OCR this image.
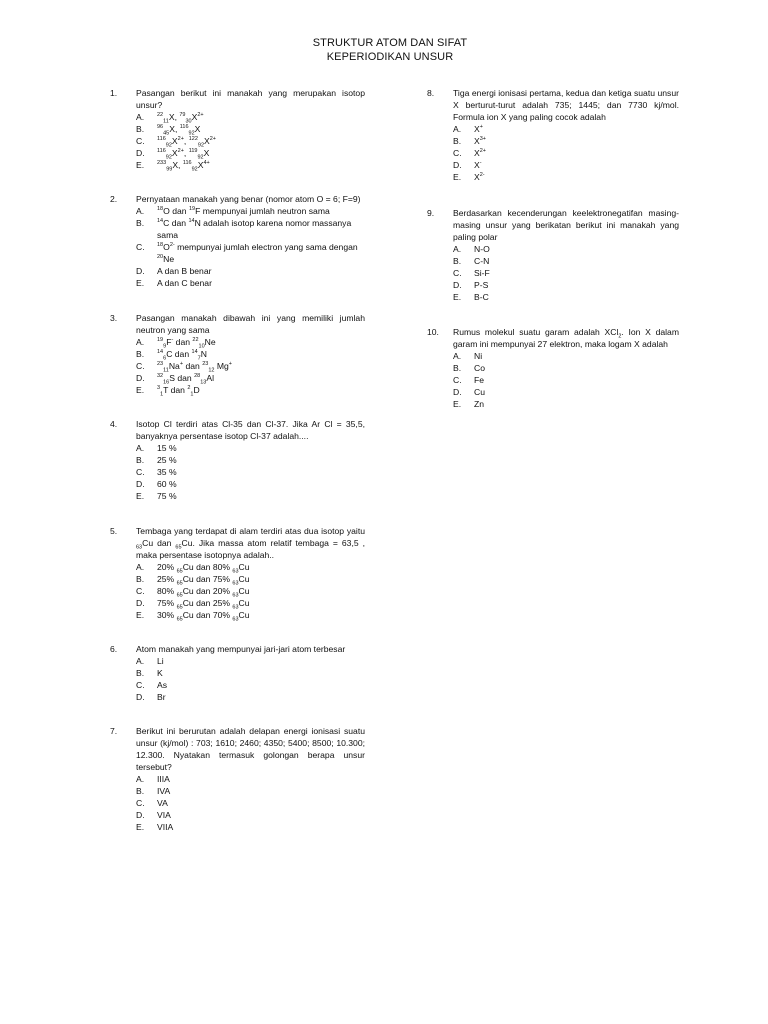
STRUKTUR ATOM DAN SIFAT
KEPERIODIKAN UNSUR
1. Pasangan berikut ini manakah yang merupakan isotop unsur?
A.	$^{22}_{11}$X, $^{79}_{30}X^{2+}$
B.	$^{96}_{45}$X, $^{116}_{92}$X
C.	$^{116}_{92}X^{2+}$, $^{122}_{92}X^{2+}$
D.	$^{116}_{92}X^{2+}$, $^{119}_{92}$X
E.	$^{233}_{99}$X, $^{116}_{92}X^{4+}$
2. Pernyataan manakah yang benar (nomor atom O = 6; F=9)
A.	$^{18}$O dan $^{19}$F mempunyai jumlah neutron sama
B.	$^{14}$C dan $^{14}$N adalah isotop karena nomor massanya sama
C.	$^{18}O^{2-}$ mempunyai jumlah electron yang sama dengan $^{20}$Ne
D.	A dan B benar
E.	A dan C benar
3. Pasangan manakah dibawah ini yang memiliki jumlah neutron yang sama
A.	$^{19}_9$F- dan $^{22}_{10}$Ne
B.	$^{14}_6$C dan $^{14}_7$N
C.	$^{23}_{11}$Na+ dan $^{23}_{12}$ Mg+
D.	$^{32}_{16}$S dan $^{28}_{13}$Al
E.	$^3_1$T dan $^2_1$D
4. Isotop Cl terdiri atas Cl-35 dan Cl-37. Jika Ar Cl = 35,5, banyaknya persentase isotop Cl-37 adalah....
A.	15 %
B.	25 %
C.	35 %
D.	60 %
E.	75 %
5. Tembaga yang terdapat di alam terdiri atas dua isotop yaitu $_{63}$Cu dan $_{65}$Cu. Jika massa atom relatif tembaga = 63,5 , maka persentase isotopnya adalah..
A.	20% $_{65}$Cu dan 80% $_{63}$Cu
B.	25% $_{65}$Cu dan 75% $_{63}$Cu
C.	80% $_{65}$Cu dan 20% $_{63}$Cu
D.	75% $_{65}$Cu dan 25% $_{63}$Cu
E.	30% $_{65}$Cu dan 70% $_{63}$Cu
6. Atom manakah yang mempunyai jari-jari atom terbesar
A.	Li
B.	K
C.	As
D.	Br
7. Berikut ini berurutan adalah delapan energi ionisasi suatu unsur (kj/mol) : 703; 1610; 2460; 4350; 5400; 8500; 10.300; 12.300. Nyatakan termasuk golongan berapa unsur tersebut?
A.	IIIA
B.	IVA
C.	VA
D.	VIA
E.	VIIA
8. Tiga energi ionisasi pertama, kedua dan ketiga suatu unsur X berturut-turut adalah 735; 1445; dan 7730 kj/mol. Formula ion X yang paling cocok adalah
A.	X+
B.	$X^{3+}$
C.	$X^{2+}$
D.	X-
E.	$X^{2-}$
9. Berdasarkan kecenderungan keelektronegatifan masing-masing unsur yang berikatan berikut ini manakah yang paling polar
A.	N-O
B.	C-N
C.	Si-F
D.	P-S
E.	B-C
10. Rumus molekul suatu garam adalah XCl$_2$. Ion X dalam garam ini mempunyai 27 elektron, maka logam X adalah
A.	Ni
B.	Co
C.	Fe
D.	Cu
E.	Zn
